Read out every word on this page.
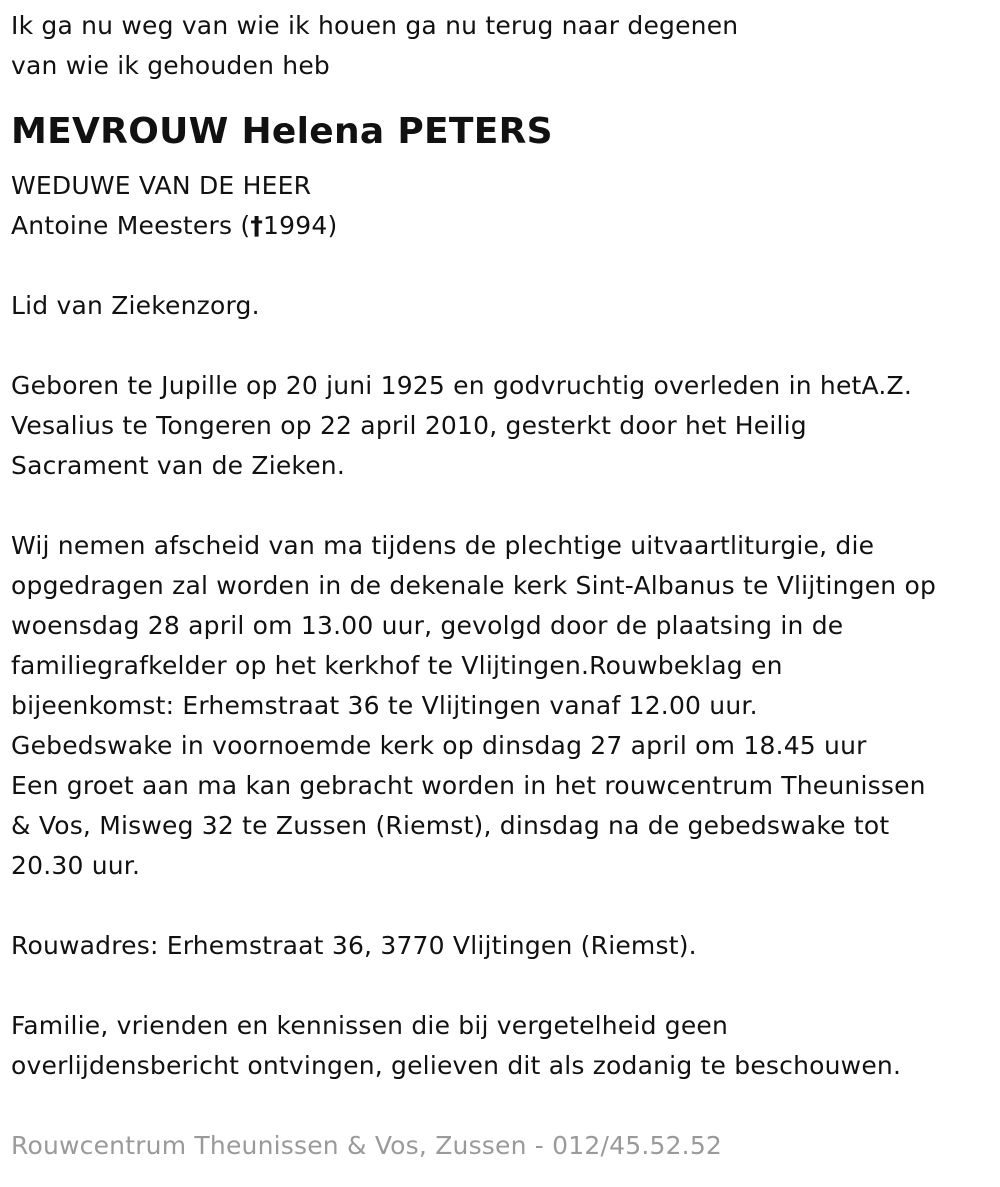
Ik ga nu weg van wie ik houen ga nu terug naar degenen
van wie ik gehouden heb
MEVROUW Helena PETERS
WEDUWE VAN DE HEER
Antoine Meesters (†1994)
Lid van Ziekenzorg.
Geboren te Jupille op 20 juni 1925 en godvruchtig overleden in hetA.Z.
Vesalius te Tongeren op 22 april 2010, gesterkt door het Heilig
Sacrament van de Zieken.
Wij nemen afscheid van ma tijdens de plechtige uitvaartliturgie, die
opgedragen zal worden in de dekenale kerk Sint-Albanus te Vlijtingen op
woensdag 28 april om 13.00 uur, gevolgd door de plaatsing in de
familiegrafkelder op het kerkhof te Vlijtingen.Rouwbeklag en
bijeenkomst: Erhemstraat 36 te Vlijtingen vanaf 12.00 uur.
Gebedswake in voornoemde kerk op dinsdag 27 april om 18.45 uur
Een groet aan ma kan gebracht worden in het rouwcentrum Theunissen
& Vos, Misweg 32 te Zussen (Riemst), dinsdag na de gebedswake tot
20.30 uur.
Rouwadres: Erhemstraat 36, 3770 Vlijtingen (Riemst).
Familie, vrienden en kennissen die bij vergetelheid geen
overlijdensbericht ontvingen, gelieven dit als zodanig te beschouwen.
Rouwcentrum Theunissen & Vos, Zussen - 012/45.52.52
